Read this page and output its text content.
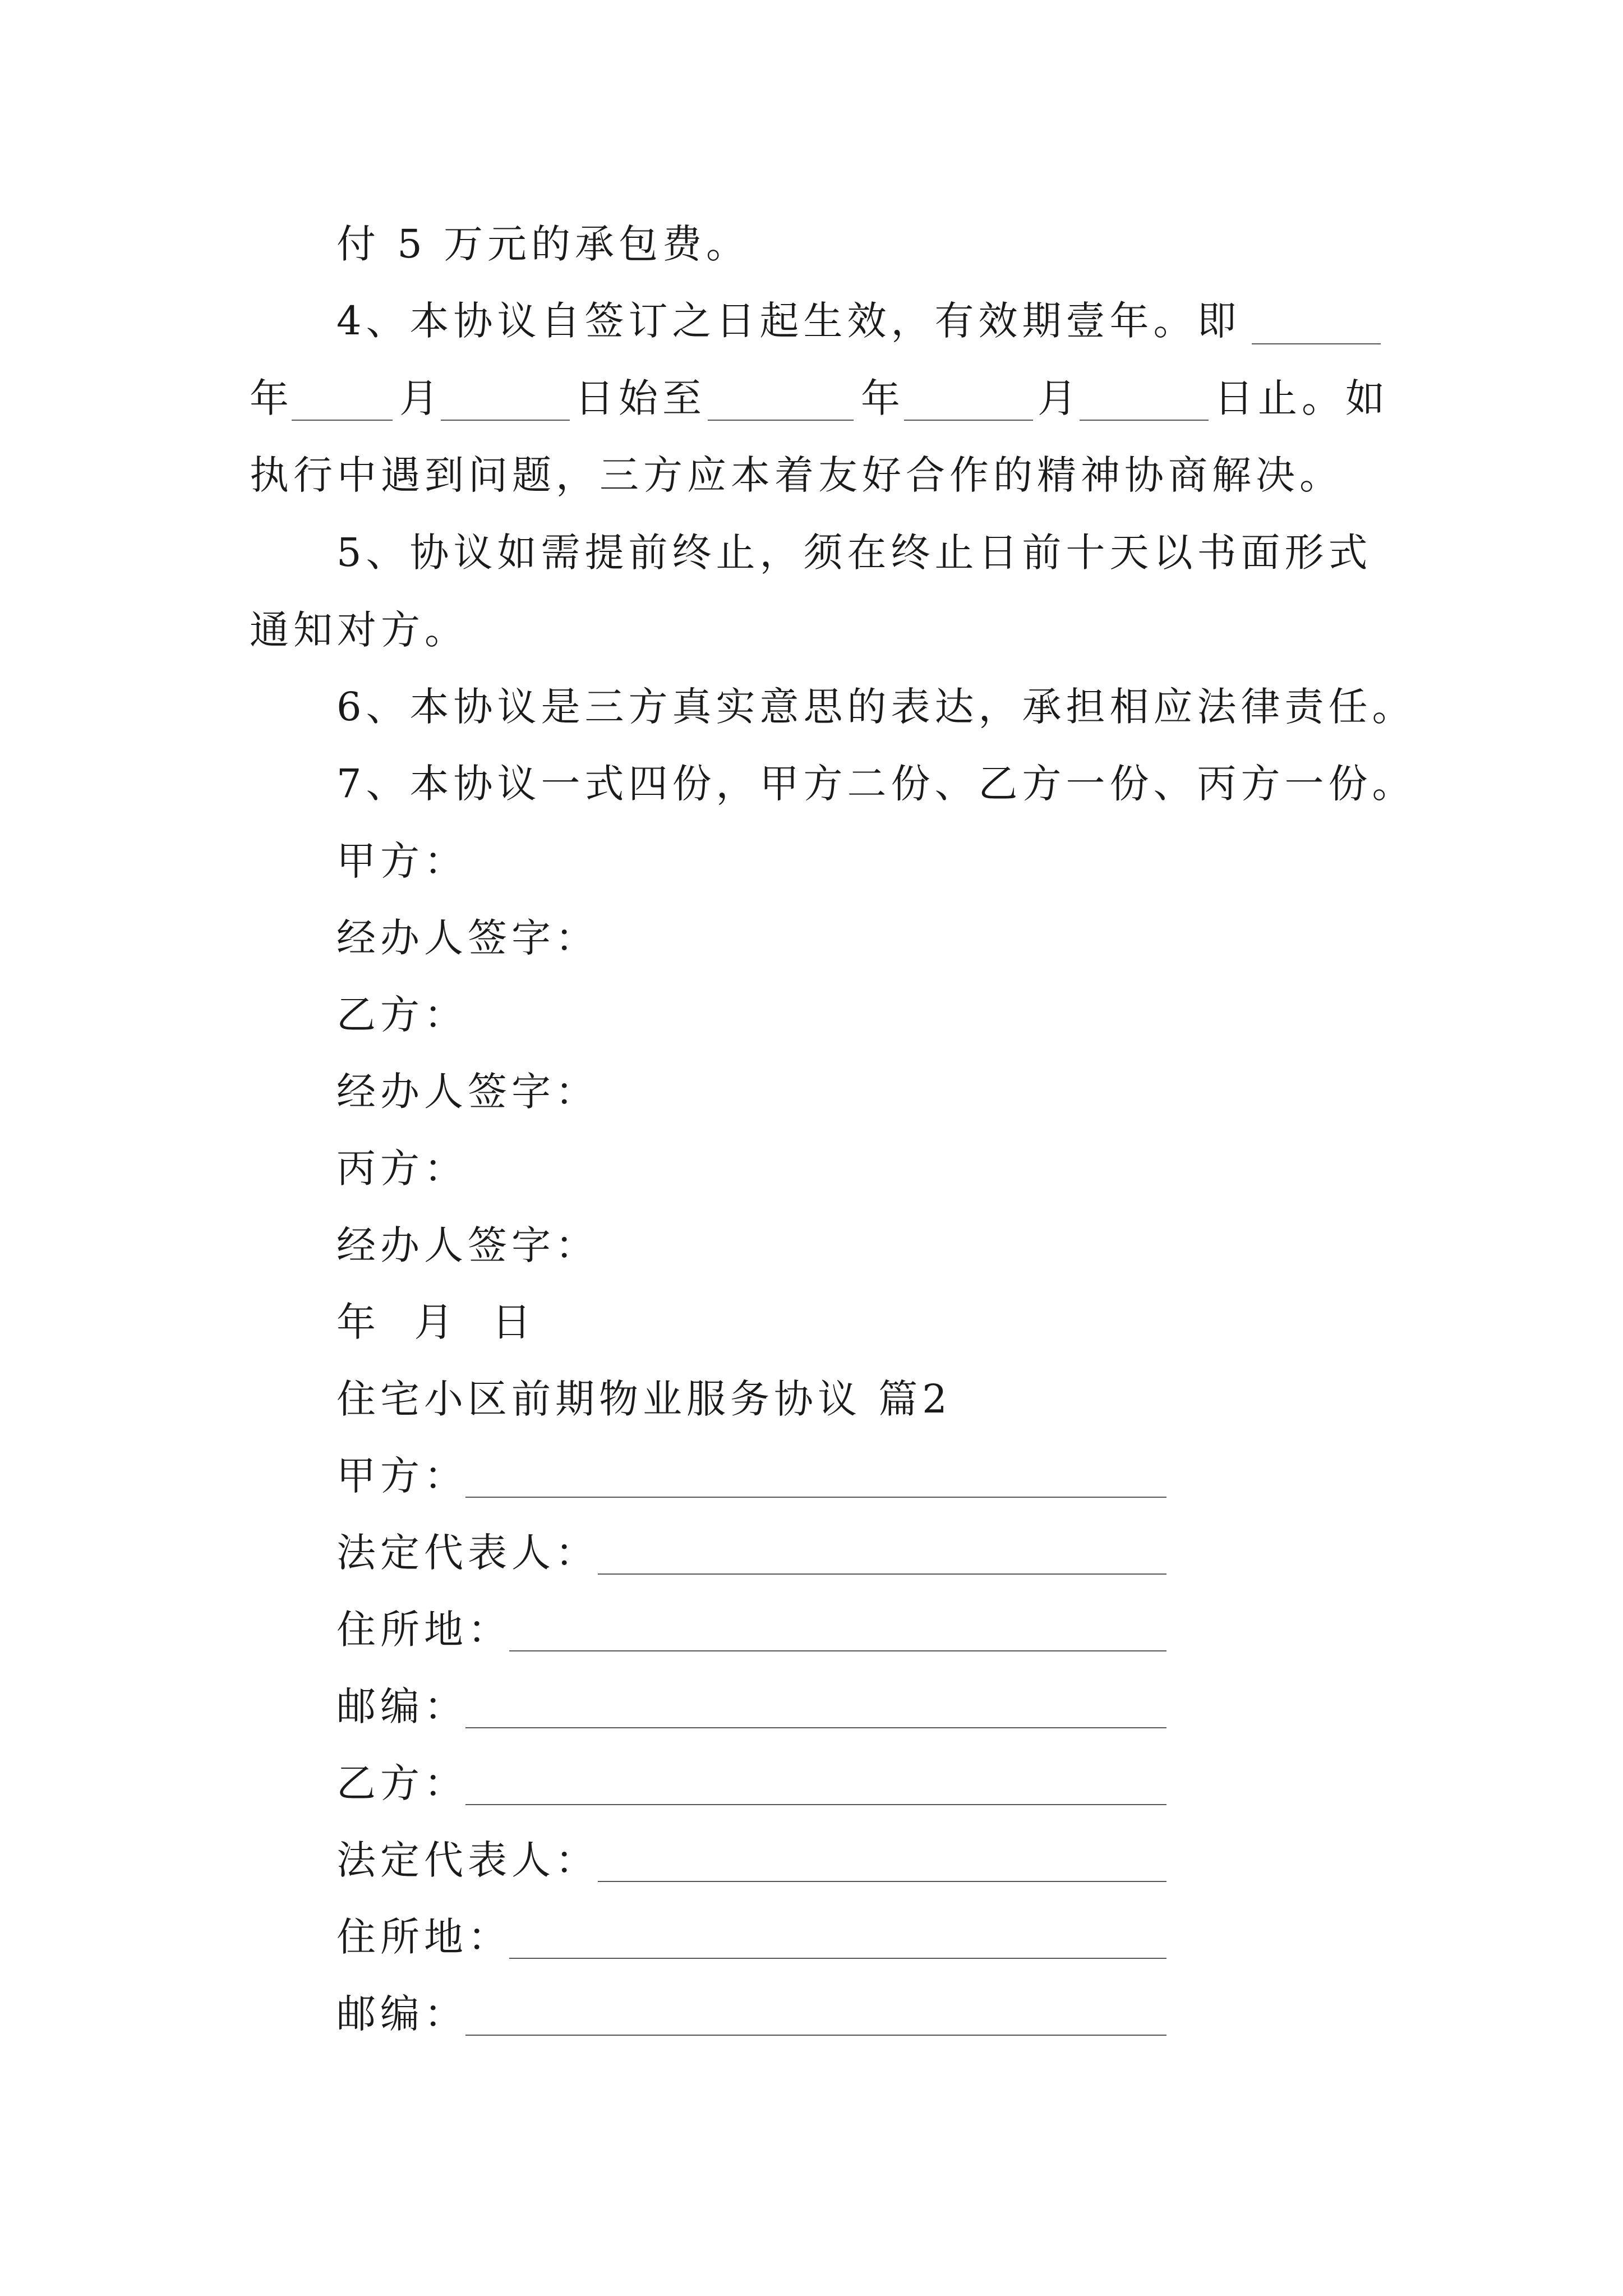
付 5 万元的承包费。
4、本协议自签订之日起生效，有效期壹年。即
年	月	日始至	年	月	日止。如
执行中遇到问题，三方应本着友好合作的精神协商解决。
5、协议如需提前终止，须在终止日前十天以书面形式
通知对方。
6、本协议是三方真实意思的表达，承担相应法律责任。
7、本协议一式四份，甲方二份、乙方一份、丙方一份。
甲方：
经办人签字：
乙方：
经办人签字：
丙方：
经办人签字：
年  月  日
住宅小区前期物业服务协议 篇2
甲方：
法定代表人：
住所地：
邮编：
乙方：
法定代表人：
住所地：
邮编：
